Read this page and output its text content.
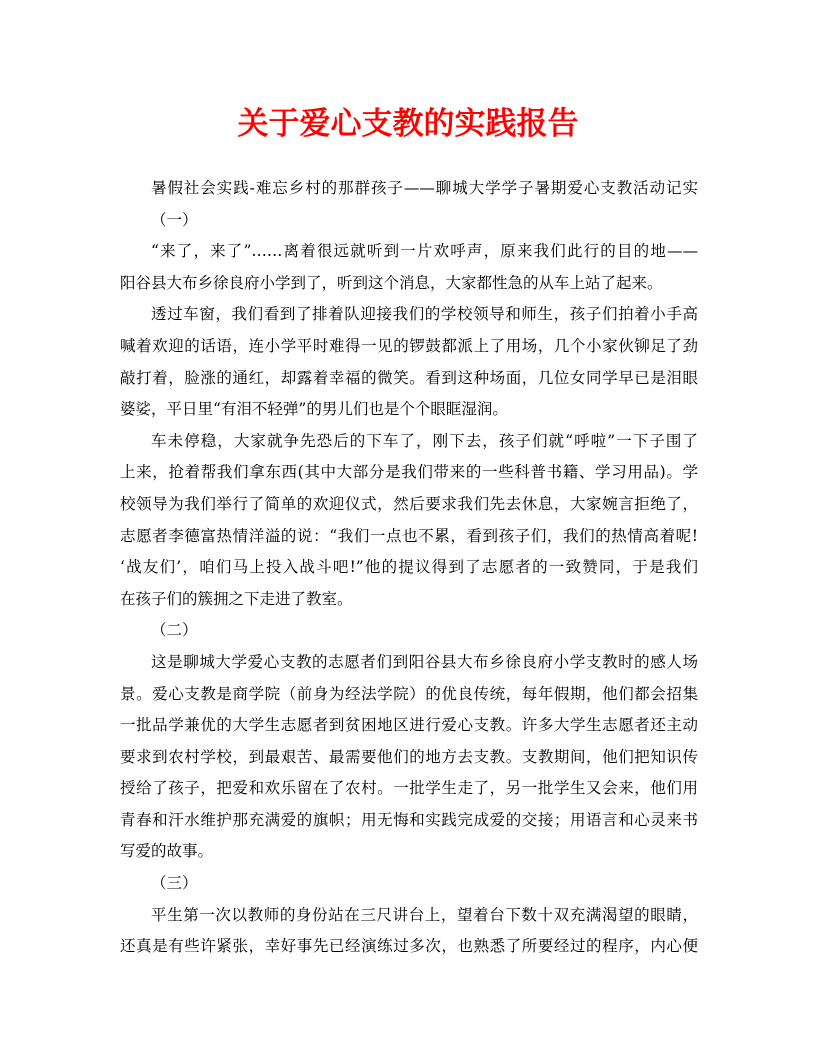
关于爱心支教的实践报告
暑假社会实践-难忘乡村的那群孩子——聊城大学学子暑期爱心支教活动记实
（一）
“来了，来了”……离着很远就听到一片欢呼声，原来我们此行的目的地——
阳谷县大布乡徐良府小学到了，听到这个消息，大家都性急的从车上站了起来。
透过车窗，我们看到了排着队迎接我们的学校领导和师生，孩子们拍着小手高
喊着欢迎的话语，连小学平时难得一见的锣鼓都派上了用场，几个小家伙铆足了劲
敲打着，脸涨的通红，却露着幸福的微笑。看到这种场面，几位女同学早已是泪眼
婆娑，平日里“有泪不轻弹”的男儿们也是个个眼眶湿润。
车未停稳，大家就争先恐后的下车了，刚下去，孩子们就“呼啦”一下子围了
上来，抢着帮我们拿东西(其中大部分是我们带来的一些科普书籍、学习用品)。学
校领导为我们举行了简单的欢迎仪式，然后要求我们先去休息，大家婉言拒绝了，
志愿者李德富热情洋溢的说：“我们一点也不累，看到孩子们，我们的热情高着呢!
‘战友们’，咱们马上投入战斗吧!”他的提议得到了志愿者的一致赞同，于是我们
在孩子们的簇拥之下走进了教室。
（二）
这是聊城大学爱心支教的志愿者们到阳谷县大布乡徐良府小学支教时的感人场
景。爱心支教是商学院（前身为经法学院）的优良传统，每年假期，他们都会招集
一批品学兼优的大学生志愿者到贫困地区进行爱心支教。许多大学生志愿者还主动
要求到农村学校，到最艰苦、最需要他们的地方去支教。支教期间，他们把知识传
授给了孩子，把爱和欢乐留在了农村。一批学生走了，另一批学生又会来，他们用
青春和汗水维护那充满爱的旗帜；用无悔和实践完成爱的交接；用语言和心灵来书
写爱的故事。
（三）
平生第一次以教师的身份站在三尺讲台上，望着台下数十双充满渴望的眼睛，
还真是有些许紧张，幸好事先已经演练过多次，也熟悉了所要经过的程序，内心便
